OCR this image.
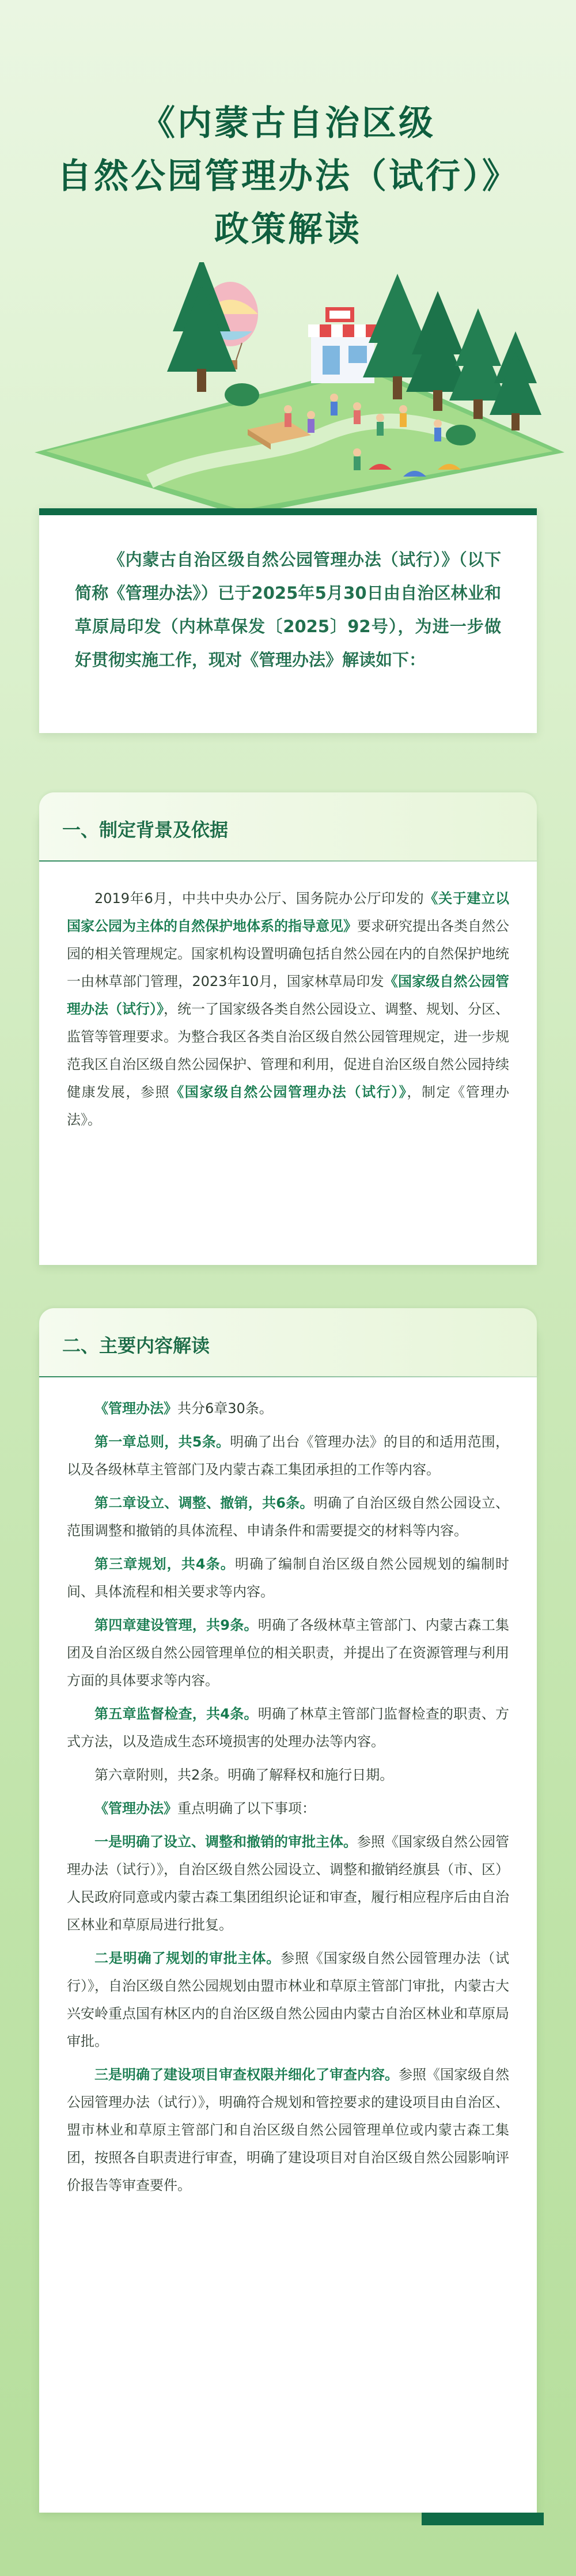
《内蒙古自治区级
自然公园管理办法（试行）》
政策解读

《内蒙古自治区级自然公园管理办法（试行）》（以下简称《管理办法》）已于2025年5月30日由自治区林业和草原局印发（内林草保发〔2025〕92号），为进一步做好贯彻实施工作，现对《管理办法》解读如下：

一、制定背景及依据

2019年6月，中共中央办公厅、国务院办公厅印发的《关于建立以国家公园为主体的自然保护地体系的指导意见》要求研究提出各类自然公园的相关管理规定。国家机构设置明确包括自然公园在内的自然保护地统一由林草部门管理，2023年10月，国家林草局印发《国家级自然公园管理办法（试行）》，统一了国家级各类自然公园设立、调整、规划、分区、监管等管理要求。为整合我区各类自治区级自然公园管理规定，进一步规范我区自治区级自然公园保护、管理和利用，促进自治区级自然公园持续健康发展，参照《国家级自然公园管理办法（试行）》，制定《管理办法》。

二、主要内容解读

《管理办法》共分6章30条。

第一章总则，共5条。明确了出台《管理办法》的目的和适用范围，以及各级林草主管部门及内蒙古森工集团承担的工作等内容。

第二章设立、调整、撤销，共6条。明确了自治区级自然公园设立、范围调整和撤销的具体流程、申请条件和需要提交的材料等内容。

第三章规划，共4条。明确了编制自治区级自然公园规划的编制时间、具体流程和相关要求等内容。

第四章建设管理，共9条。明确了各级林草主管部门、内蒙古森工集团及自治区级自然公园管理单位的相关职责，并提出了在资源管理与利用方面的具体要求等内容。

第五章监督检查，共4条。明确了林草主管部门监督检查的职责、方式方法，以及造成生态环境损害的处理办法等内容。

第六章附则，共2条。明确了解释权和施行日期。

《管理办法》重点明确了以下事项：

一是明确了设立、调整和撤销的审批主体。参照《国家级自然公园管理办法（试行）》，自治区级自然公园设立、调整和撤销经旗县（市、区）人民政府同意或内蒙古森工集团组织论证和审查，履行相应程序后由自治区林业和草原局进行批复。

二是明确了规划的审批主体。参照《国家级自然公园管理办法（试行）》，自治区级自然公园规划由盟市林业和草原主管部门审批，内蒙古大兴安岭重点国有林区内的自治区级自然公园由内蒙古自治区林业和草原局审批。

三是明确了建设项目审查权限并细化了审查内容。参照《国家级自然公园管理办法（试行）》，明确符合规划和管控要求的建设项目由自治区、盟市林业和草原主管部门和自治区级自然公园管理单位或内蒙古森工集团，按照各自职责进行审查，明确了建设项目对自治区级自然公园影响评价报告等审查要件。
